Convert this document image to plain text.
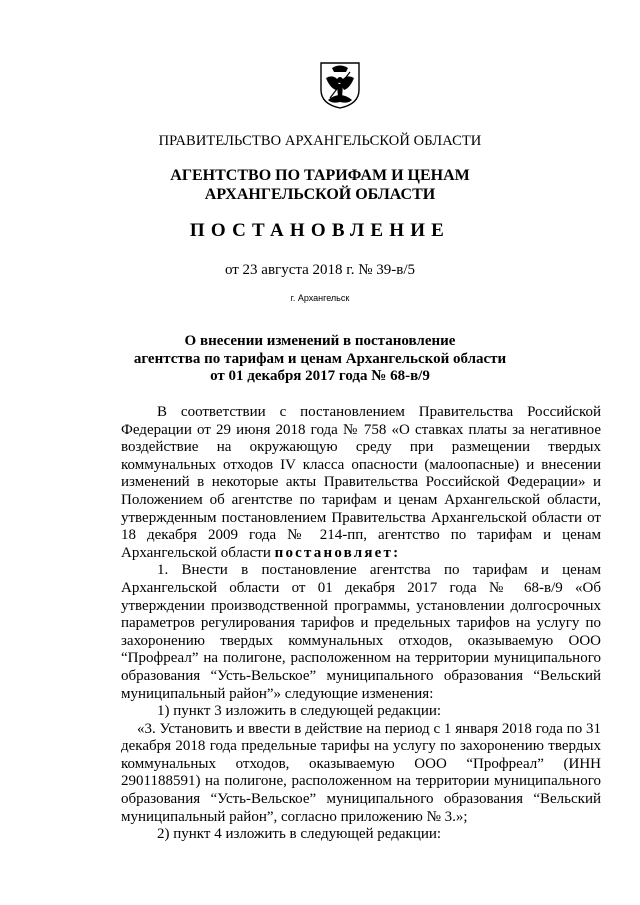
ПРАВИТЕЛЬСТВО АРХАНГЕЛЬСКОЙ ОБЛАСТИ
АГЕНТСТВО ПО ТАРИФАМ И ЦЕНАМ
АРХАНГЕЛЬСКОЙ ОБЛАСТИ
ПОСТАНОВЛЕНИЕ
от 23 августа 2018 г. № 39-в/5
г. Архангельск
О внесении изменений в постановление
агентства по тарифам и ценам Архангельской области
от 01 декабря 2017 года № 68-в/9

В соответствии с постановлением Правительства Российской Федерации от 29 июня 2018 года № 758 «О ставках платы за негативное воздействие на окружающую среду при размещении твердых коммунальных отходов IV класса опасности (малоопасные) и внесении изменений в некоторые акты Правительства Российской Федерации» и Положением об агентстве по тарифам и ценам Архангельской области, утвержденным постановлением Правительства Архангельской области от 18 декабря 2009 года № 214-пп, агентство по тарифам и ценам Архангельской области постановляет:

1. Внести в постановление агентства по тарифам и ценам Архангельской области от 01 декабря 2017 года № 68-в/9 «Об утверждении производственной программы, установлении долгосрочных параметров регулирования тарифов и предельных тарифов на услугу по захоронению твердых коммунальных отходов, оказываемую ООО “Профреал” на полигоне, расположенном на территории муниципального образования “Усть-Вельское” муниципального образования “Вельский муниципальный район”» следующие изменения:

1) пункт 3 изложить в следующей редакции:

«3. Установить и ввести в действие на период с 1 января 2018 года по 31 декабря 2018 года предельные тарифы на услугу по захоронению твердых коммунальных отходов, оказываемую ООО “Профреал” (ИНН 2901188591) на полигоне, расположенном на территории муниципального образования “Усть-Вельское” муниципального образования “Вельский муниципальный район”, согласно приложению № 3.»;

2) пункт 4 изложить в следующей редакции:
